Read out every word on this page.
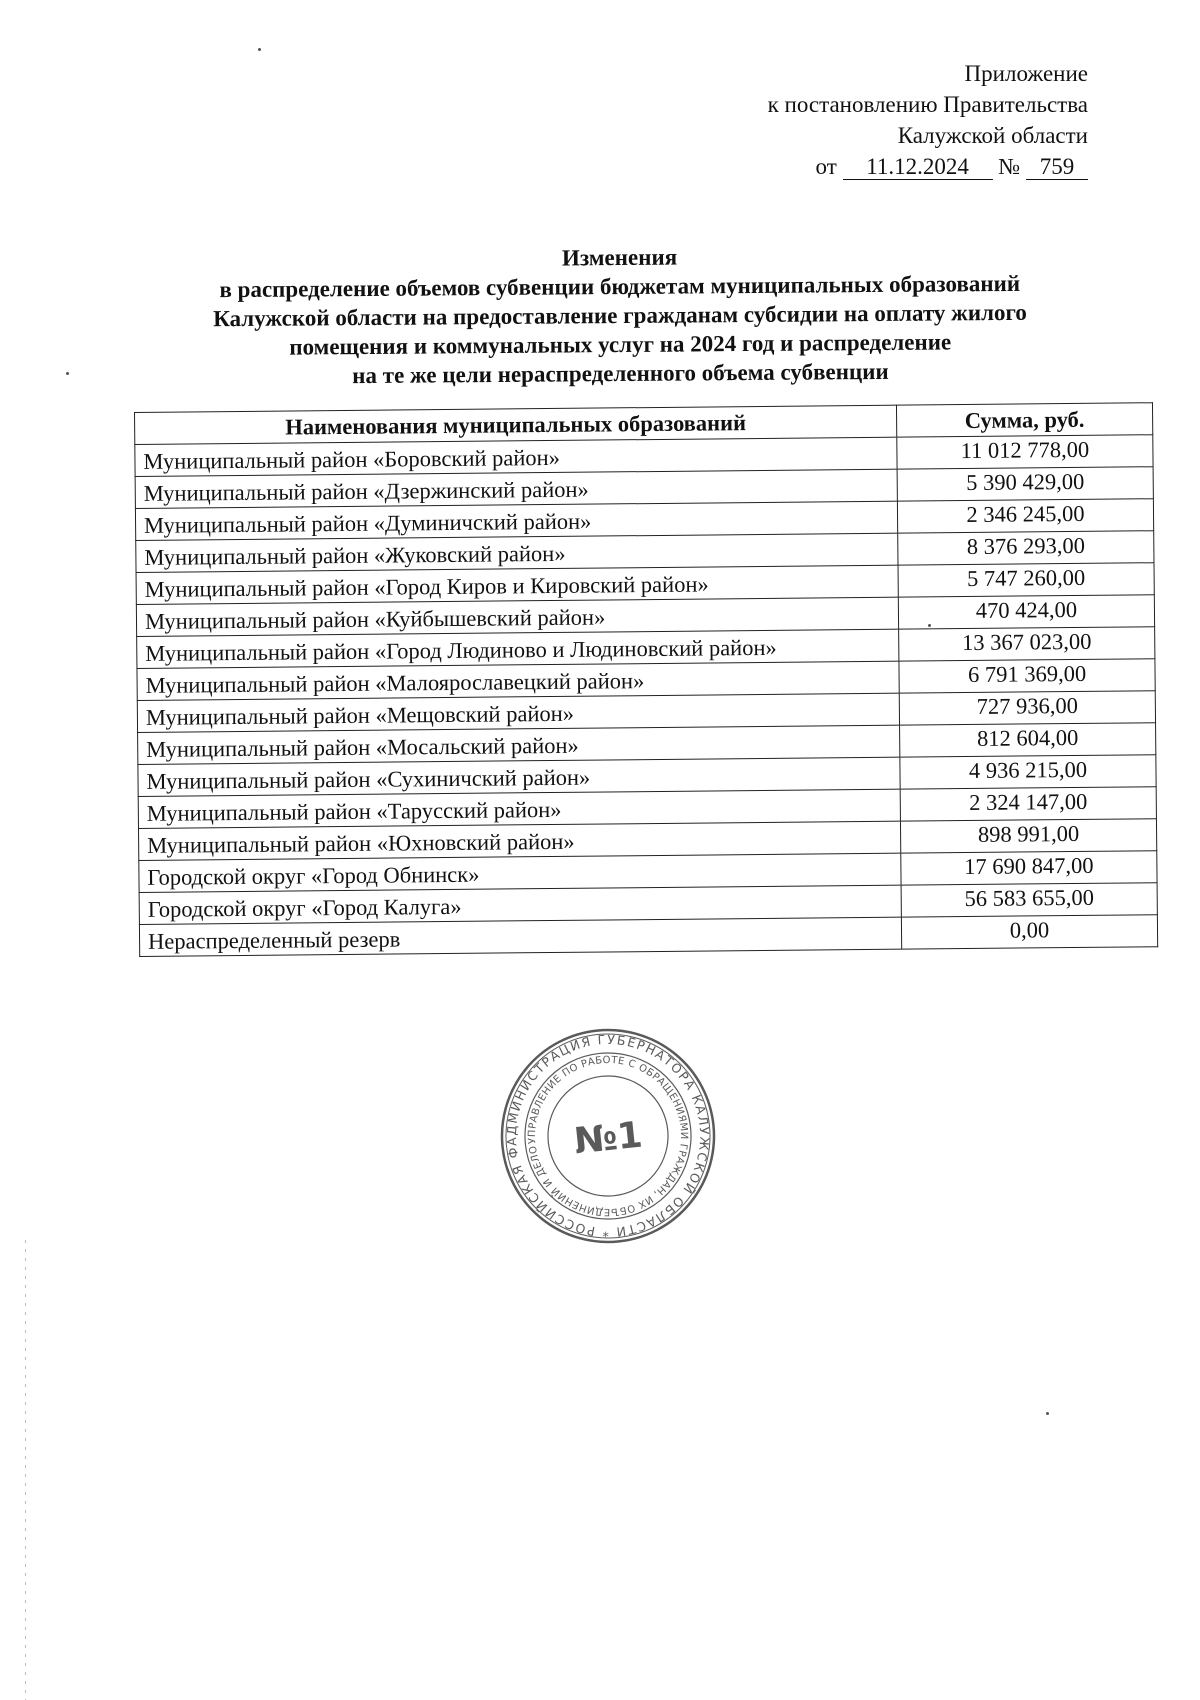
Приложение
к постановлению Правительства
Калужской области
от 11.12.2024 № 759
Изменения
в распределение объемов субвенции бюджетам муниципальных образований
Калужской области на предоставление гражданам субсидии на оплату жилого
помещения и коммунальных услуг на 2024 год и распределение
на те же цели нераспределенного объема субвенции
Наименования муниципальных образований	Сумма, руб.
Муниципальный район «Боровский район»	11 012 778,00
Муниципальный район «Дзержинский район»	5 390 429,00
Муниципальный район «Думиничский район»	2 346 245,00
Муниципальный район «Жуковский район»	8 376 293,00
Муниципальный район «Город Киров и Кировский район»	5 747 260,00
Муниципальный район «Куйбышевский район»	470 424,00
Муниципальный район «Город Людиново и Людиновский район»	13 367 023,00
Муниципальный район «Малоярославецкий район»	6 791 369,00
Муниципальный район «Мещовский район»	727 936,00
Муниципальный район «Мосальский район»	812 604,00
Муниципальный район «Сухиничский район»	4 936 215,00
Муниципальный район «Тарусский район»	2 324 147,00
Муниципальный район «Юхновский район»	898 991,00
Городской округ «Город Обнинск»	17 690 847,00
Городской округ «Город Калуга»	56 583 655,00
Нераспределенный резерв	0,00
АДМИНИСТРАЦИЯ ГУБЕРНАТОРА КАЛУЖСКОЙ ОБЛАСТИ * РОССИЙСКАЯ ФЕДЕРАЦИЯ *
УПРАВЛЕНИЕ ПО РАБОТЕ С ОБРАЩЕНИЯМИ ГРАЖДАН, ИХ ОБЪЕДИНЕНИЙ И ДЕЛОПРОИЗВОДСТВУ *
№1
